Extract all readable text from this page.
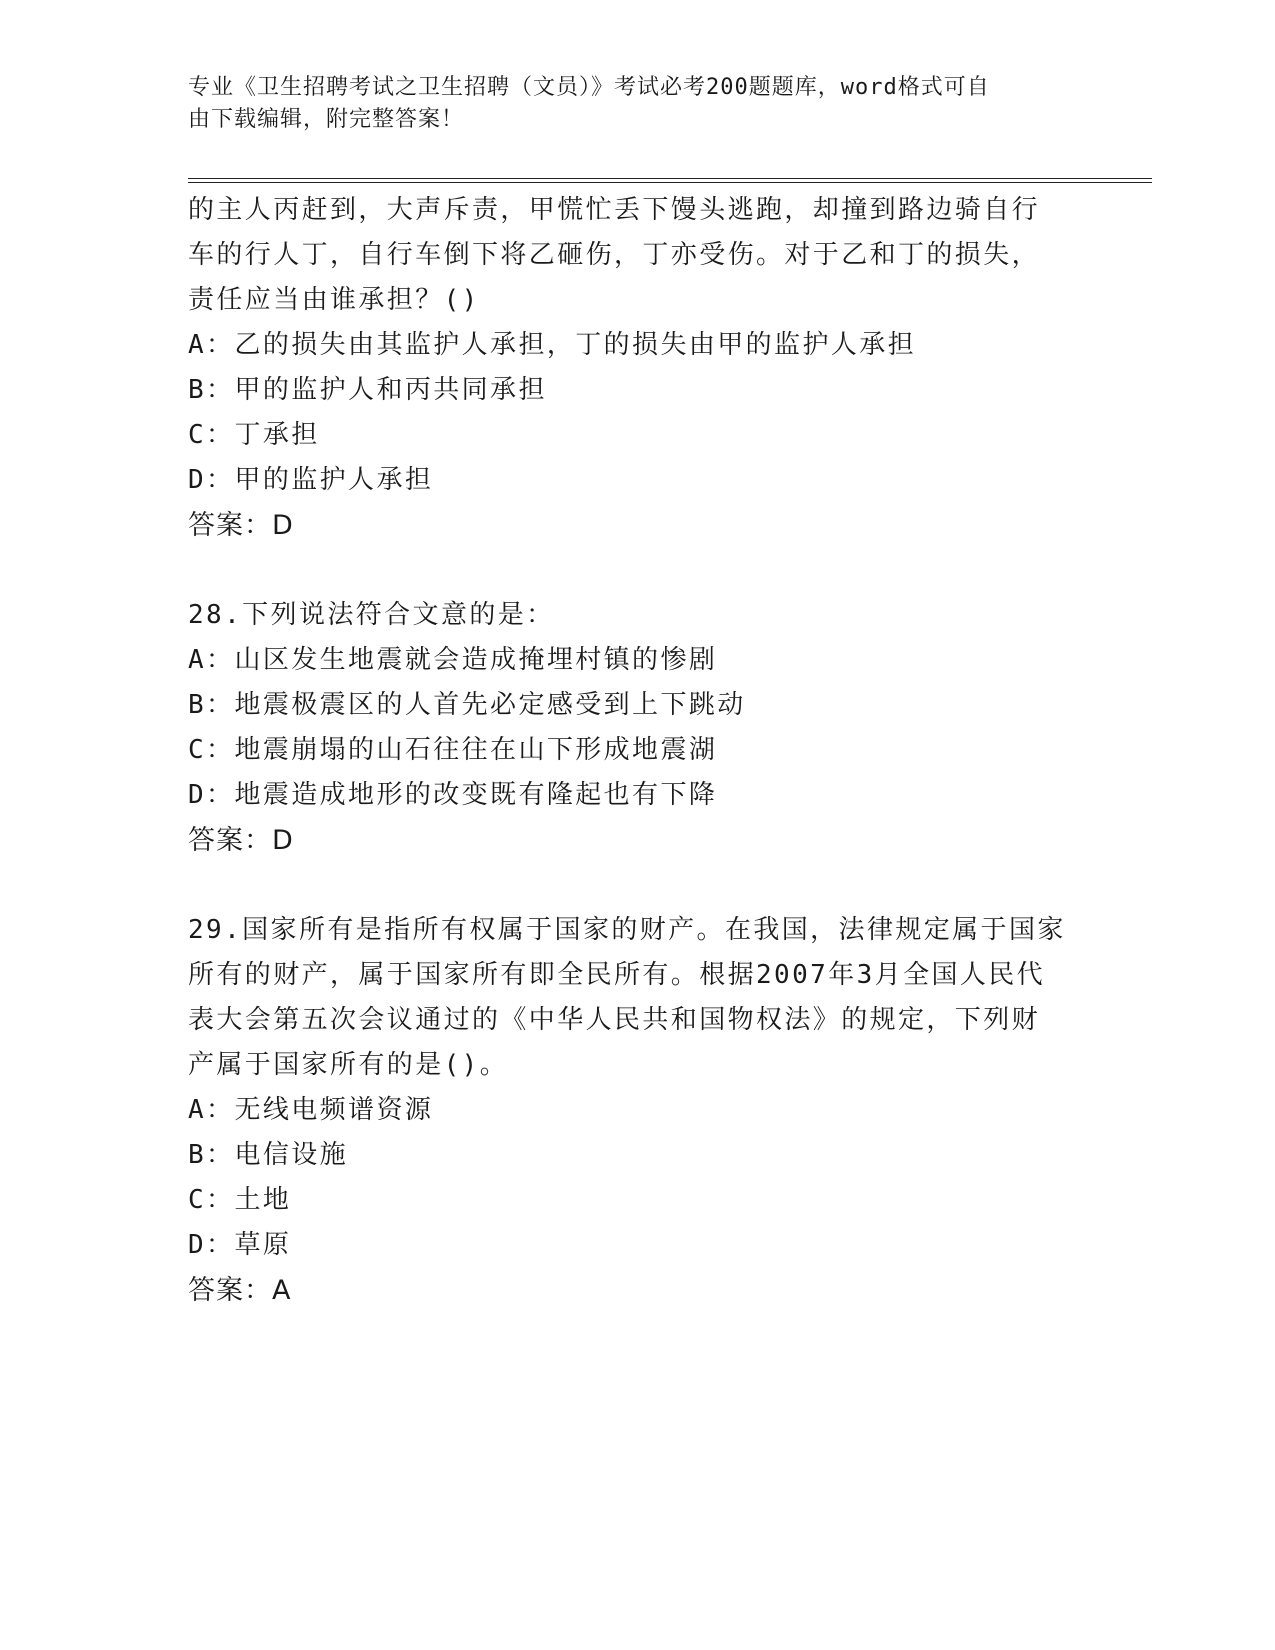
专业《卫生招聘考试之卫生招聘（文员）》考试必考200题题库，word格式可自
由下载编辑，附完整答案！
的主人丙赶到，大声斥责，甲慌忙丢下馒头逃跑，却撞到路边骑自行
车的行人丁，自行车倒下将乙砸伤，丁亦受伤。对于乙和丁的损失，
责任应当由谁承担？()
A：乙的损失由其监护人承担，丁的损失由甲的监护人承担
B：甲的监护人和丙共同承担
C：丁承担
D：甲的监护人承担
答案：D
28.下列说法符合文意的是：
A：山区发生地震就会造成掩埋村镇的惨剧
B：地震极震区的人首先必定感受到上下跳动
C：地震崩塌的山石往往在山下形成地震湖
D：地震造成地形的改变既有隆起也有下降
答案：D
29.国家所有是指所有权属于国家的财产。在我国，法律规定属于国家
所有的财产，属于国家所有即全民所有。根据2007年3月全国人民代
表大会第五次会议通过的《中华人民共和国物权法》的规定，下列财
产属于国家所有的是()。
A：无线电频谱资源
B：电信设施
C：土地
D：草原
答案：A
